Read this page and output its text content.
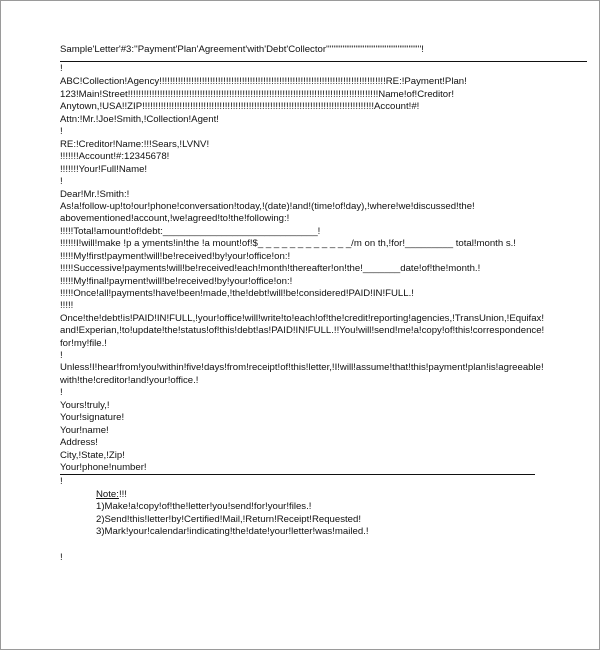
Sample'Letter'#3:''Payment'Plan'Agreement'with'Debt'Collector''''''''''''''''''''''''''''''''''''''''''''''''''''!
!
ABC!Collection!Agency!!!!!!!!!!!!!!!!!!!!!!!!!!!!!!!!!!!!!!!!!!!!!!!!!!!!!!!!!!!!!!!!!!!!!!!!!!!!!!!!!!!!!RE:!Payment!Plan!
123!Main!Street!!!!!!!!!!!!!!!!!!!!!!!!!!!!!!!!!!!!!!!!!!!!!!!!!!!!!!!!!!!!!!!!!!!!!!!!!!!!!!!!!!!!!!!!!!!!!!Name!of!Creditor!
Anytown,!USA!!ZIP!!!!!!!!!!!!!!!!!!!!!!!!!!!!!!!!!!!!!!!!!!!!!!!!!!!!!!!!!!!!!!!!!!!!!!!!!!!!!!!!!!!!!!!Account!#!
Attn:!Mr.!Joe!Smith,!Collection!Agent!
!
RE:!Creditor!Name:!!!Sears,!LVNV!
!!!!!!!Account!#:12345678!
!!!!!!!Your!Full!Name!
!
Dear!Mr.!Smith:!
As!a!follow-up!to!our!phone!conversation!today,!(date)!and!(time!of!day),!where!we!discussed!the!
abovementioned!account,!we!agreed!to!the!following:!
!!!!!Total!amount!of!debt:_____________________________!
!!!!!!I!will!make !p a yments!in!the !a mount!of!$_ _ _ _ _ _ _ _ _ _ _ _/m on th,!for!_________ total!month s.!
!!!!!My!first!payment!will!be!received!by!your!office!on:!
!!!!!Successive!payments!will!be!received!each!month!thereafter!on!the!_______date!of!the!month.!
!!!!!My!final!payment!will!be!received!by!your!office!on:!
!!!!!Once!all!payments!have!been!made,!the!debt!will!be!considered!PAID!IN!FULL.!
!!!!!
Once!the!debt!is!PAID!IN!FULL,!your!office!will!write!to!each!of!the!credit!reporting!agencies,!TransUnion,!Equifax!
and!Experian,!to!update!the!status!of!this!debt!as!PAID!IN!FULL.!!You!will!send!me!a!copy!of!this!correspondence!
for!my!file.!
!
Unless!I!hear!from!you!within!five!days!from!receipt!of!this!letter,!I!will!assume!that!this!payment!plan!is!agreeable!
with!the!creditor!and!your!office.!
!
Yours!truly,!
Your!signature!
Your!name!
Address!
City,!State,!Zip!
Your!phone!number!
!
Note:!!!
1)Make!a!copy!of!the!letter!you!send!for!your!files.!
2)Send!this!letter!by!Certified!Mail,!Return!Receipt!Requested!
3)Mark!your!calendar!indicating!the!date!your!letter!was!mailed.!
!
